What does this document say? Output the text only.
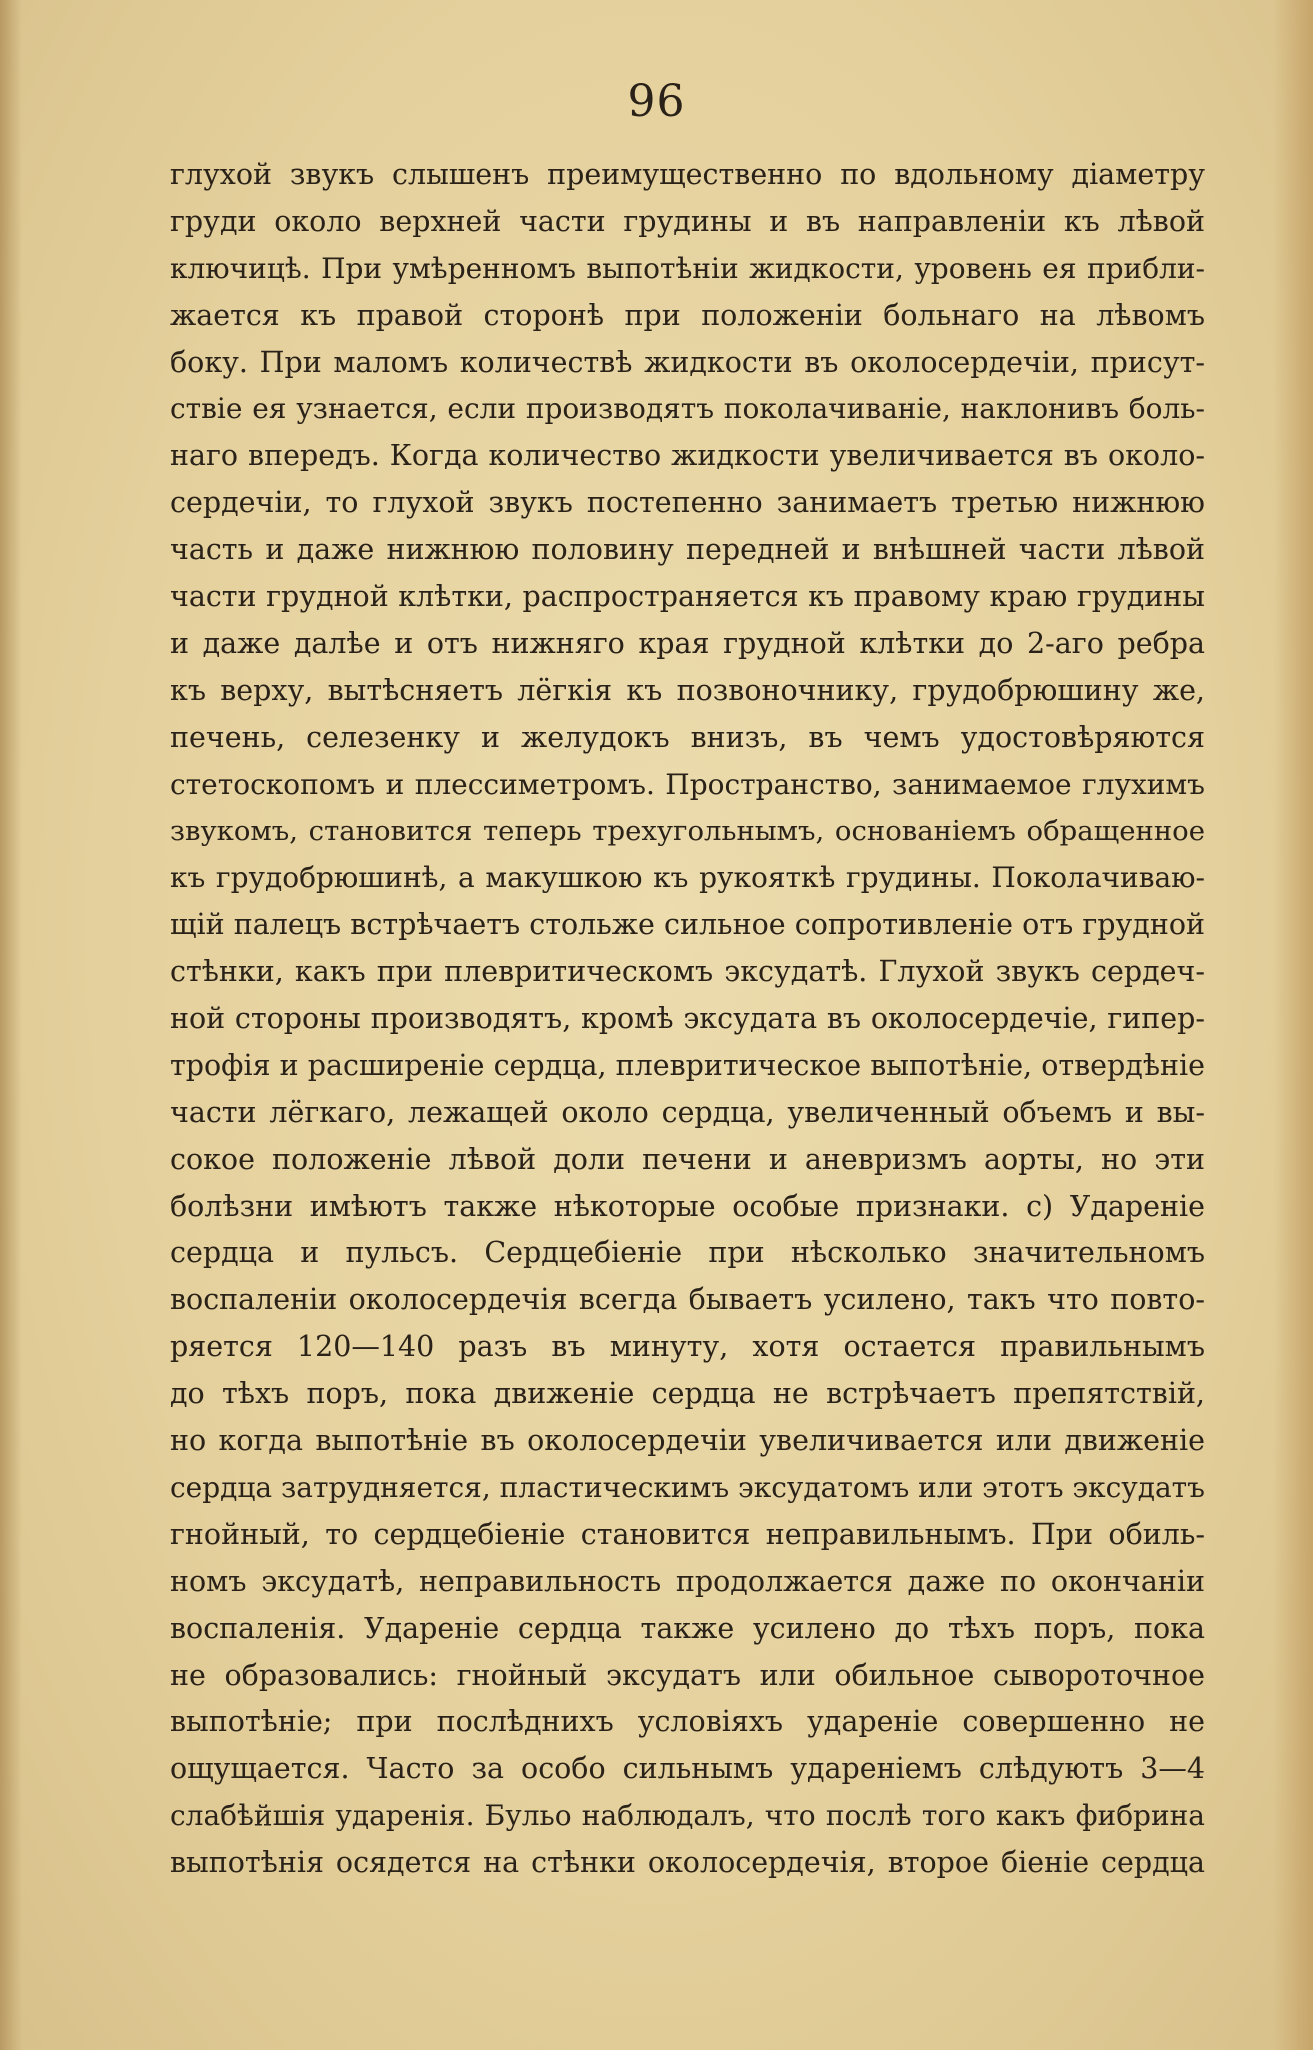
96
глухой звукъ слышенъ преимущественно по вдольному діаметру
груди около верхней части грудины и въ направленіи къ лѣвой
ключицѣ. При умѣренномъ выпотѣніи жидкости, уровень ея прибли-
жается къ правой сторонѣ при положеніи больнаго на лѣвомъ
боку. При маломъ количествѣ жидкости въ околосердечіи, присут-
ствіе ея узнается, если производятъ поколачиваніе, наклонивъ боль-
наго впередъ. Когда количество жидкости увеличивается въ около-
сердечіи, то глухой звукъ постепенно занимаетъ третью нижнюю
часть и даже нижнюю половину передней и внѣшней части лѣвой
части грудной клѣтки, распространяется къ правому краю грудины
и даже далѣе и отъ нижняго края грудной клѣтки до 2-аго ребра
къ верху, вытѣсняетъ лёгкія къ позвоночнику, грудобрюшину же,
печень, селезенку и желудокъ внизъ, въ чемъ удостовѣряются
стетоскопомъ и плессиметромъ. Пространство, занимаемое глухимъ
звукомъ, становится теперь трехугольнымъ, основаніемъ обращенное
къ грудобрюшинѣ, а макушкою къ рукояткѣ грудины. Поколачиваю-
щій палецъ встрѣчаетъ стольже сильное сопротивленіе отъ грудной
стѣнки, какъ при плевритическомъ эксудатѣ. Глухой звукъ сердеч-
ной стороны производятъ, кромѣ эксудата въ околосердечіе, гипер-
трофія и расширеніе сердца, плевритическое выпотѣніе, отвердѣніе
части лёгкаго, лежащей около сердца, увеличенный объемъ и вы-
сокое положеніе лѣвой доли печени и аневризмъ аорты, но эти
болѣзни имѣютъ также нѣкоторые особые признаки. c) Удареніе
сердца и пульсъ. Сердцебіеніе при нѣсколько значительномъ
воспаленіи околосердечія всегда бываетъ усилено, такъ что повто-
ряется 120—140 разъ въ минуту, хотя остается правильнымъ
до тѣхъ поръ, пока движеніе сердца не встрѣчаетъ препятствій,
но когда выпотѣніе въ околосердечіи увеличивается или движеніе
сердца затрудняется, пластическимъ эксудатомъ или этотъ эксудатъ
гнойный, то сердцебіеніе становится неправильнымъ. При обиль-
номъ эксудатѣ, неправильность продолжается даже по окончаніи
воспаленія. Удареніе сердца также усилено до тѣхъ поръ, пока
не образовались: гнойный эксудатъ или обильное сывороточное
выпотѣніе; при послѣднихъ условіяхъ удареніе совершенно не
ощущается. Часто за особо сильнымъ удареніемъ слѣдуютъ 3—4
слабѣйшія ударенія. Бульо наблюдалъ, что послѣ того какъ фибрина
выпотѣнія осядется на стѣнки околосердечія, второе біеніе сердца
